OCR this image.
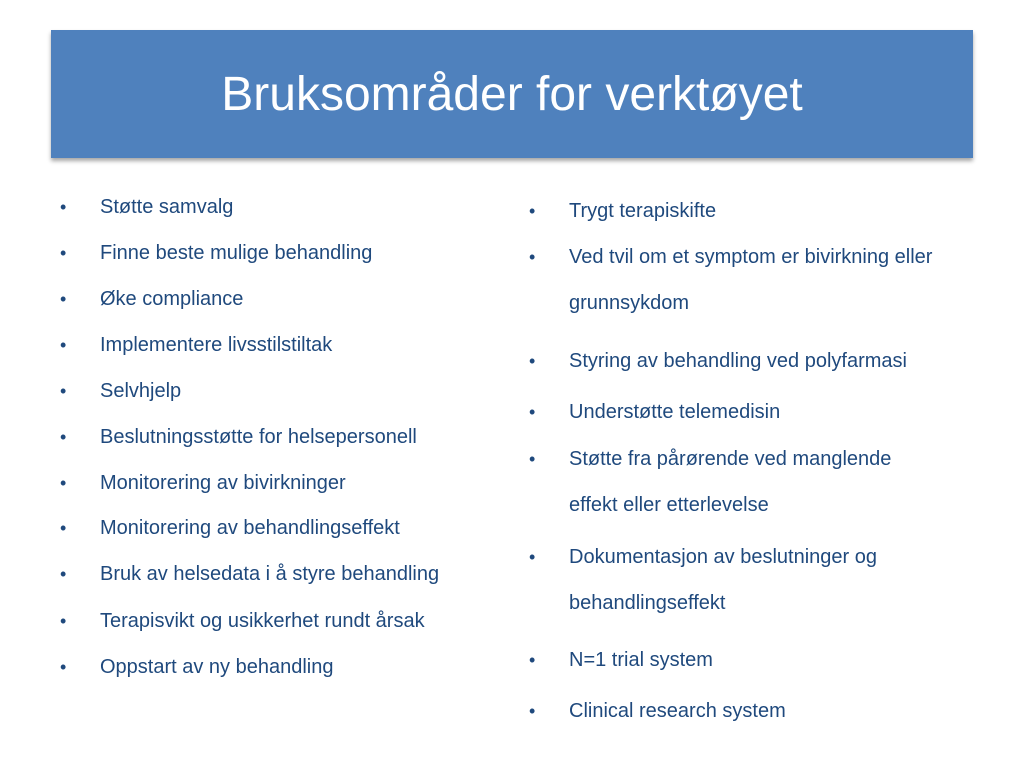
Bruksområder for verktøyet
•	Støtte samvalg
•	Finne beste mulige behandling
•	Øke compliance
•	Implementere livsstilstiltak
•	Selvhjelp
•	Beslutningsstøtte for helsepersonell
•	Monitorering av bivirkninger
•	Monitorering av behandlingseffekt
•	Bruk av helsedata i å styre behandling
•	Terapisvikt og usikkerhet rundt årsak
•	Oppstart av ny behandling
•	Trygt terapiskifte
•	Ved tvil om et symptom er bivirkning eller grunnsykdom
•	Styring av behandling ved polyfarmasi
•	Understøtte telemedisin
•	Støtte fra pårørende ved manglende effekt eller etterlevelse
•	Dokumentasjon av beslutninger og behandlingseffekt
•	N=1 trial system
•	Clinical research system
